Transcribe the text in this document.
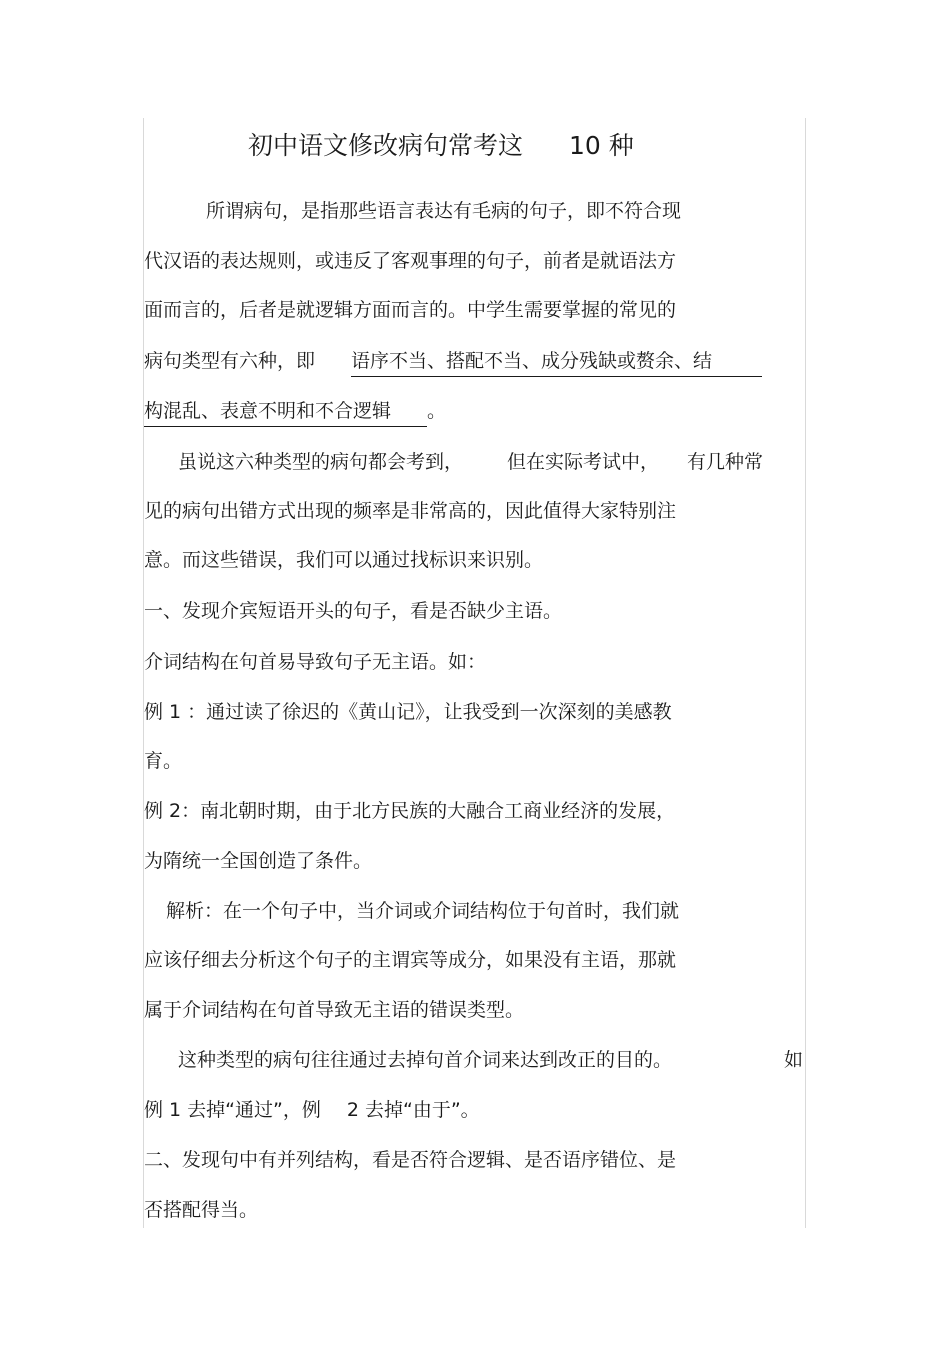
初中语文修改病句常考这 10 种
所谓病句，是指那些语言表达有毛病的句子，即不符合现
代汉语的表达规则，或违反了客观事理的句子，前者是就语法方
面而言的，后者是就逻辑方面而言的。中学生需要掌握的常见的
病句类型有六种，即 语序不当、搭配不当、成分残缺或赘余、结
构混乱、表意不明和不合逻辑 。
虽说这六种类型的病句都会考到， 但在实际考试中， 有几种常
见的病句出错方式出现的频率是非常高的，因此值得大家特别注
意。而这些错误，我们可以通过找标识来识别。
一、发现介宾短语开头的句子，看是否缺少主语。
介词结构在句首易导致句子无主语。如：
例 1 ：通过读了徐迟的《黄山记》，让我受到一次深刻的美感教
育。
例 2：南北朝时期，由于北方民族的大融合工商业经济的发展，
为隋统一全国创造了条件。
解析：在一个句子中，当介词或介词结构位于句首时，我们就
应该仔细去分析这个句子的主谓宾等成分，如果没有主语，那就
属于介词结构在句首导致无主语的错误类型。
这种类型的病句往往通过去掉句首介词来达到改正的目的。	如
例 1 去掉“通过”，例 2 去掉“由于”。
二、发现句中有并列结构，看是否符合逻辑、是否语序错位、是
否搭配得当。
